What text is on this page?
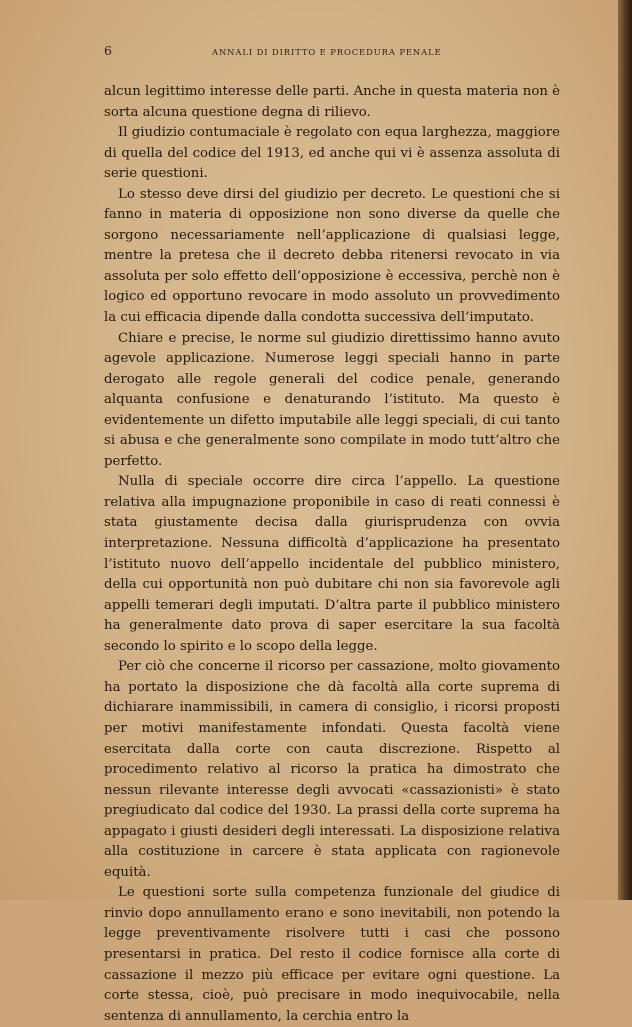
6	ANNALI DI DIRITTO E PROCEDURA PENALE

alcun legittimo interesse delle parti. Anche in questa materia non è sorta alcuna questione degna di rilievo.

Il giudizio contumaciale è regolato con equa larghezza, maggiore di quella del codice del 1913, ed anche qui vi è assenza assoluta di serie questioni.

Lo stesso deve dirsi del giudizio per decreto. Le questioni che si fanno in materia di opposizione non sono diverse da quelle che sorgono necessariamente nell’applicazione di qualsiasi legge, mentre la pretesa che il decreto debba ritenersi revocato in via assoluta per solo effetto dell’opposizione è eccessiva, perchè non è logico ed opportuno revocare in modo assoluto un provvedimento la cui efficacia dipende dalla condotta successiva dell’imputato.

Chiare e precise, le norme sul giudizio direttissimo hanno avuto agevole applicazione. Numerose leggi speciali hanno in parte derogato alle regole generali del codice penale, generando alquanta confusione e denaturando l’istituto. Ma questo è evidentemente un difetto imputabile alle leggi speciali, di cui tanto si abusa e che generalmente sono compilate in modo tutt’altro che perfetto.

Nulla di speciale occorre dire circa l’appello. La questione relativa alla impugnazione proponibile in caso di reati connessi è stata giustamente decisa dalla giurisprudenza con ovvia interpretazione. Nessuna difficoltà d’applicazione ha presentato l’istituto nuovo dell’appello incidentale del pubblico ministero, della cui opportunità non può dubitare chi non sia favorevole agli appelli temerari degli imputati. D’altra parte il pubblico ministero ha generalmente dato prova di saper esercitare la sua facoltà secondo lo spirito e lo scopo della legge.

Per ciò che concerne il ricorso per cassazione, molto giovamento ha portato la disposizione che dà facoltà alla corte suprema di dichiarare inammissibili, in camera di consiglio, i ricorsi proposti per motivi manifestamente infondati. Questa facoltà viene esercitata dalla corte con cauta discrezione. Rispetto al procedimento relativo al ricorso la pratica ha dimostrato che nessun rilevante interesse degli avvocati «cassazionisti» è stato pregiudicato dal codice del 1930. La prassi della corte suprema ha appagato i giusti desideri degli interessati. La disposizione relativa alla costituzione in carcere è stata applicata con ragionevole equità.

Le questioni sorte sulla competenza funzionale del giudice di rinvio dopo annullamento erano e sono inevitabili, non potendo la legge preventivamente risolvere tutti i casi che possono presentarsi in pratica. Del resto il codice fornisce alla corte di cassazione il mezzo più efficace per evitare ogni questione. La corte stessa, cioè, può precisare in modo inequivocabile, nella sentenza di annullamento, la cerchia entro la
